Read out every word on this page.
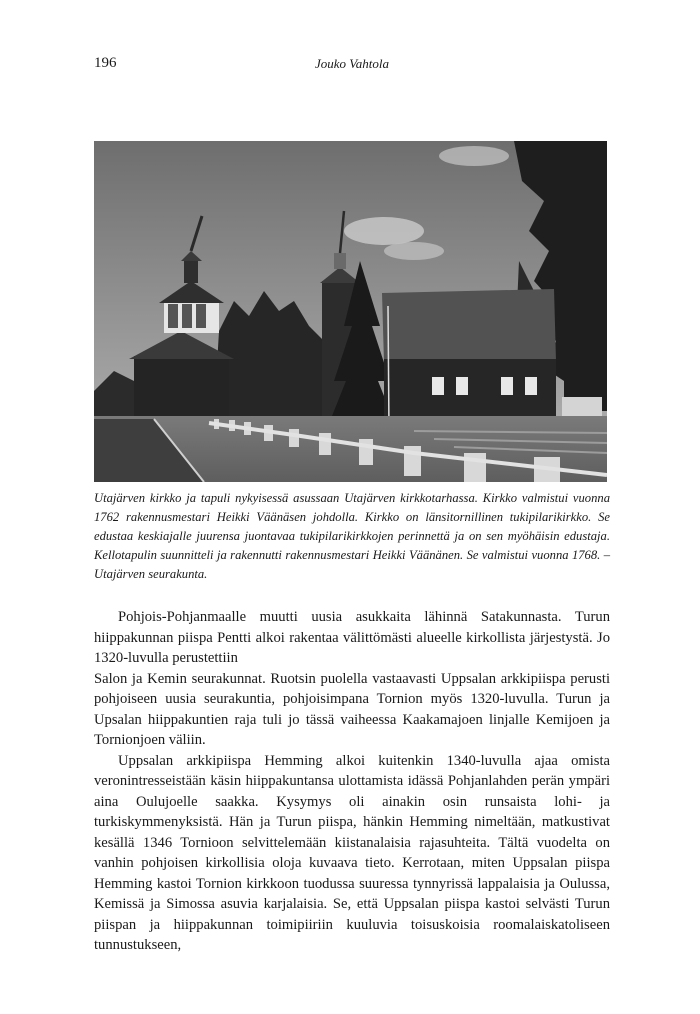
196	Jouko Vahtola

Utajärven kirkko ja tapuli nykyisessä asussaan Utajärven kirkkotarhassa. Kirkko valmistui vuonna 1762 rakennusmestari Heikki Väänäsen johdolla. Kirkko on länsitornillinen tukipilarikirkko. Se edustaa keskiajalle juurensa juontavaa tukipilarikirkkojen perinnettä ja on sen myöhäisin edustaja. Kellotapulin suunnitteli ja rakennutti rakennusmestari Heikki Väänänen. Se valmistui vuonna 1768. – Utajärven seurakunta.

Pohjois-Pohjanmaalle muutti uusia asukkaita lähinnä Satakunnasta. Turun hiippakunnan piispa Pentti alkoi rakentaa välittömästi alueelle kirkollista järjestystä. Jo 1320-luvulla perustettiin

Salon ja Kemin seurakunnat. Ruotsin puolella vastaavasti Uppsalan arkkipiispa perusti pohjoiseen uusia seurakuntia, pohjoisimpana Tornion myös 1320-luvulla. Turun ja Upsalan hiippakuntien raja tuli jo tässä vaiheessa Kaakamajoen linjalle Kemijoen ja Tornionjoen väliin.

Uppsalan arkkipiispa Hemming alkoi kuitenkin 1340-luvulla ajaa omista veronintresseistään käsin hiippakuntansa ulottamista idässä Pohjanlahden perän ympäri aina Oulujoelle saakka. Kysymys oli ainakin osin runsaista lohi- ja turkiskymmenyksistä. Hän ja Turun piispa, hänkin Hemming nimeltään, matkustivat kesällä 1346 Tornioon selvittelemään kiistanalaisia rajasuhteita. Tältä vuodelta on vanhin pohjoisen kirkollisia oloja kuvaava tieto. Kerrotaan, miten Uppsalan piispa Hemming kastoi Tornion kirkkoon tuodussa suuressa tynnyrissä lappalaisia ja Oulussa, Kemissä ja Simossa asuvia karjalaisia. Se, että Uppsalan piispa kastoi selvästi Turun piispan ja hiippakunnan toimipiiriin kuuluvia toisuskoisia roomalaiskatoliseen tunnustukseen,
